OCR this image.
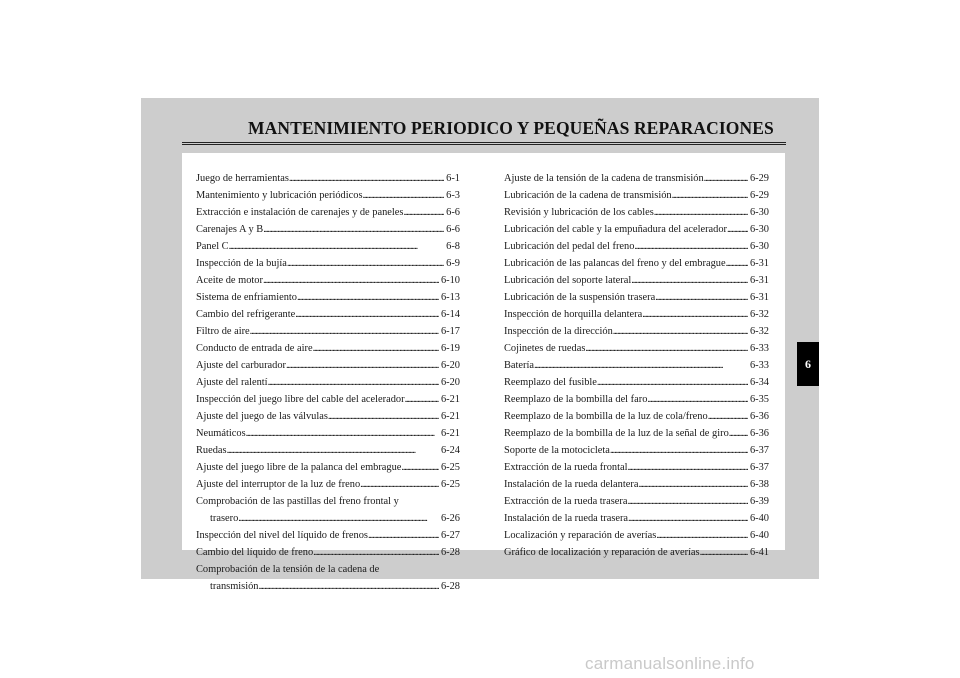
MANTENIMIENTO PERIODICO Y PEQUEÑAS REPARACIONES
Juego de herramientas . . .	6-1
Mantenimiento y lubricación periódicos . . .	6-3
Extracción e instalación de carenajes y de paneles . . .	6-6
Carenajes A y B . . .	6-6
Panel C . . .	6-8
Inspección de la bujía . . .	6-9
Aceite de motor . . .	6-10
Sistema de enfriamiento . . .	6-13
Cambio del refrigerante . . .	6-14
Filtro de aire . . .	6-17
Conducto de entrada de aire . . .	6-19
Ajuste del carburador . . .	6-20
Ajuste del ralentí . . .	6-20
Inspección del juego libre del cable del acelerador . . .	6-21
Ajuste del juego de las válvulas . . .	6-21
Neumáticos . . .	6-21
Ruedas . . .	6-24
Ajuste del juego libre de la palanca del embrague . . .	6-25
Ajuste del interruptor de la luz de freno . . .	6-25
Comprobación de las pastillas del freno frontal y
trasero . . .	6-26
Inspección del nivel del líquido de frenos . . .	6-27
Cambio del líquido de freno . . .	6-28
Comprobación de la tensión de la cadena de
transmisión . . .	6-28
Ajuste de la tensión de la cadena de transmisión . . .	6-29
Lubricación de la cadena de transmisión . . .	6-29
Revisión y lubricación de los cables . . .	6-30
Lubricación del cable y la empuñadura del acelerador . . . 6-30
Lubricación del pedal del freno . . .	6-30
Lubricación de las palancas del freno y del embrague . . . 6-31
Lubricación del soporte lateral . . .	6-31
Lubricación de la suspensión trasera . . .	6-31
Inspección de horquilla delantera . . .	6-32
Inspección de la dirección . . .	6-32
Cojinetes de ruedas . . .	6-33
Batería . . .	6-33
Reemplazo del fusible . . .	6-34
Reemplazo de la bombilla del faro . . .	6-35
Reemplazo de la bombilla de la luz de cola/freno . . .	6-36
Reemplazo de la bombilla de la luz de la señal de giro . . . 6-36
Soporte de la motocicleta . . .	6-37
Extracción de la rueda frontal . . .	6-37
Instalación de la rueda delantera . . .	6-38
Extracción de la rueda trasera . . .	6-39
Instalación de la rueda trasera . . .	6-40
Localización y reparación de averías . . .	6-40
Gráfico de localización y reparación de averías . . .	6-41
6
carmanualsonline.info
